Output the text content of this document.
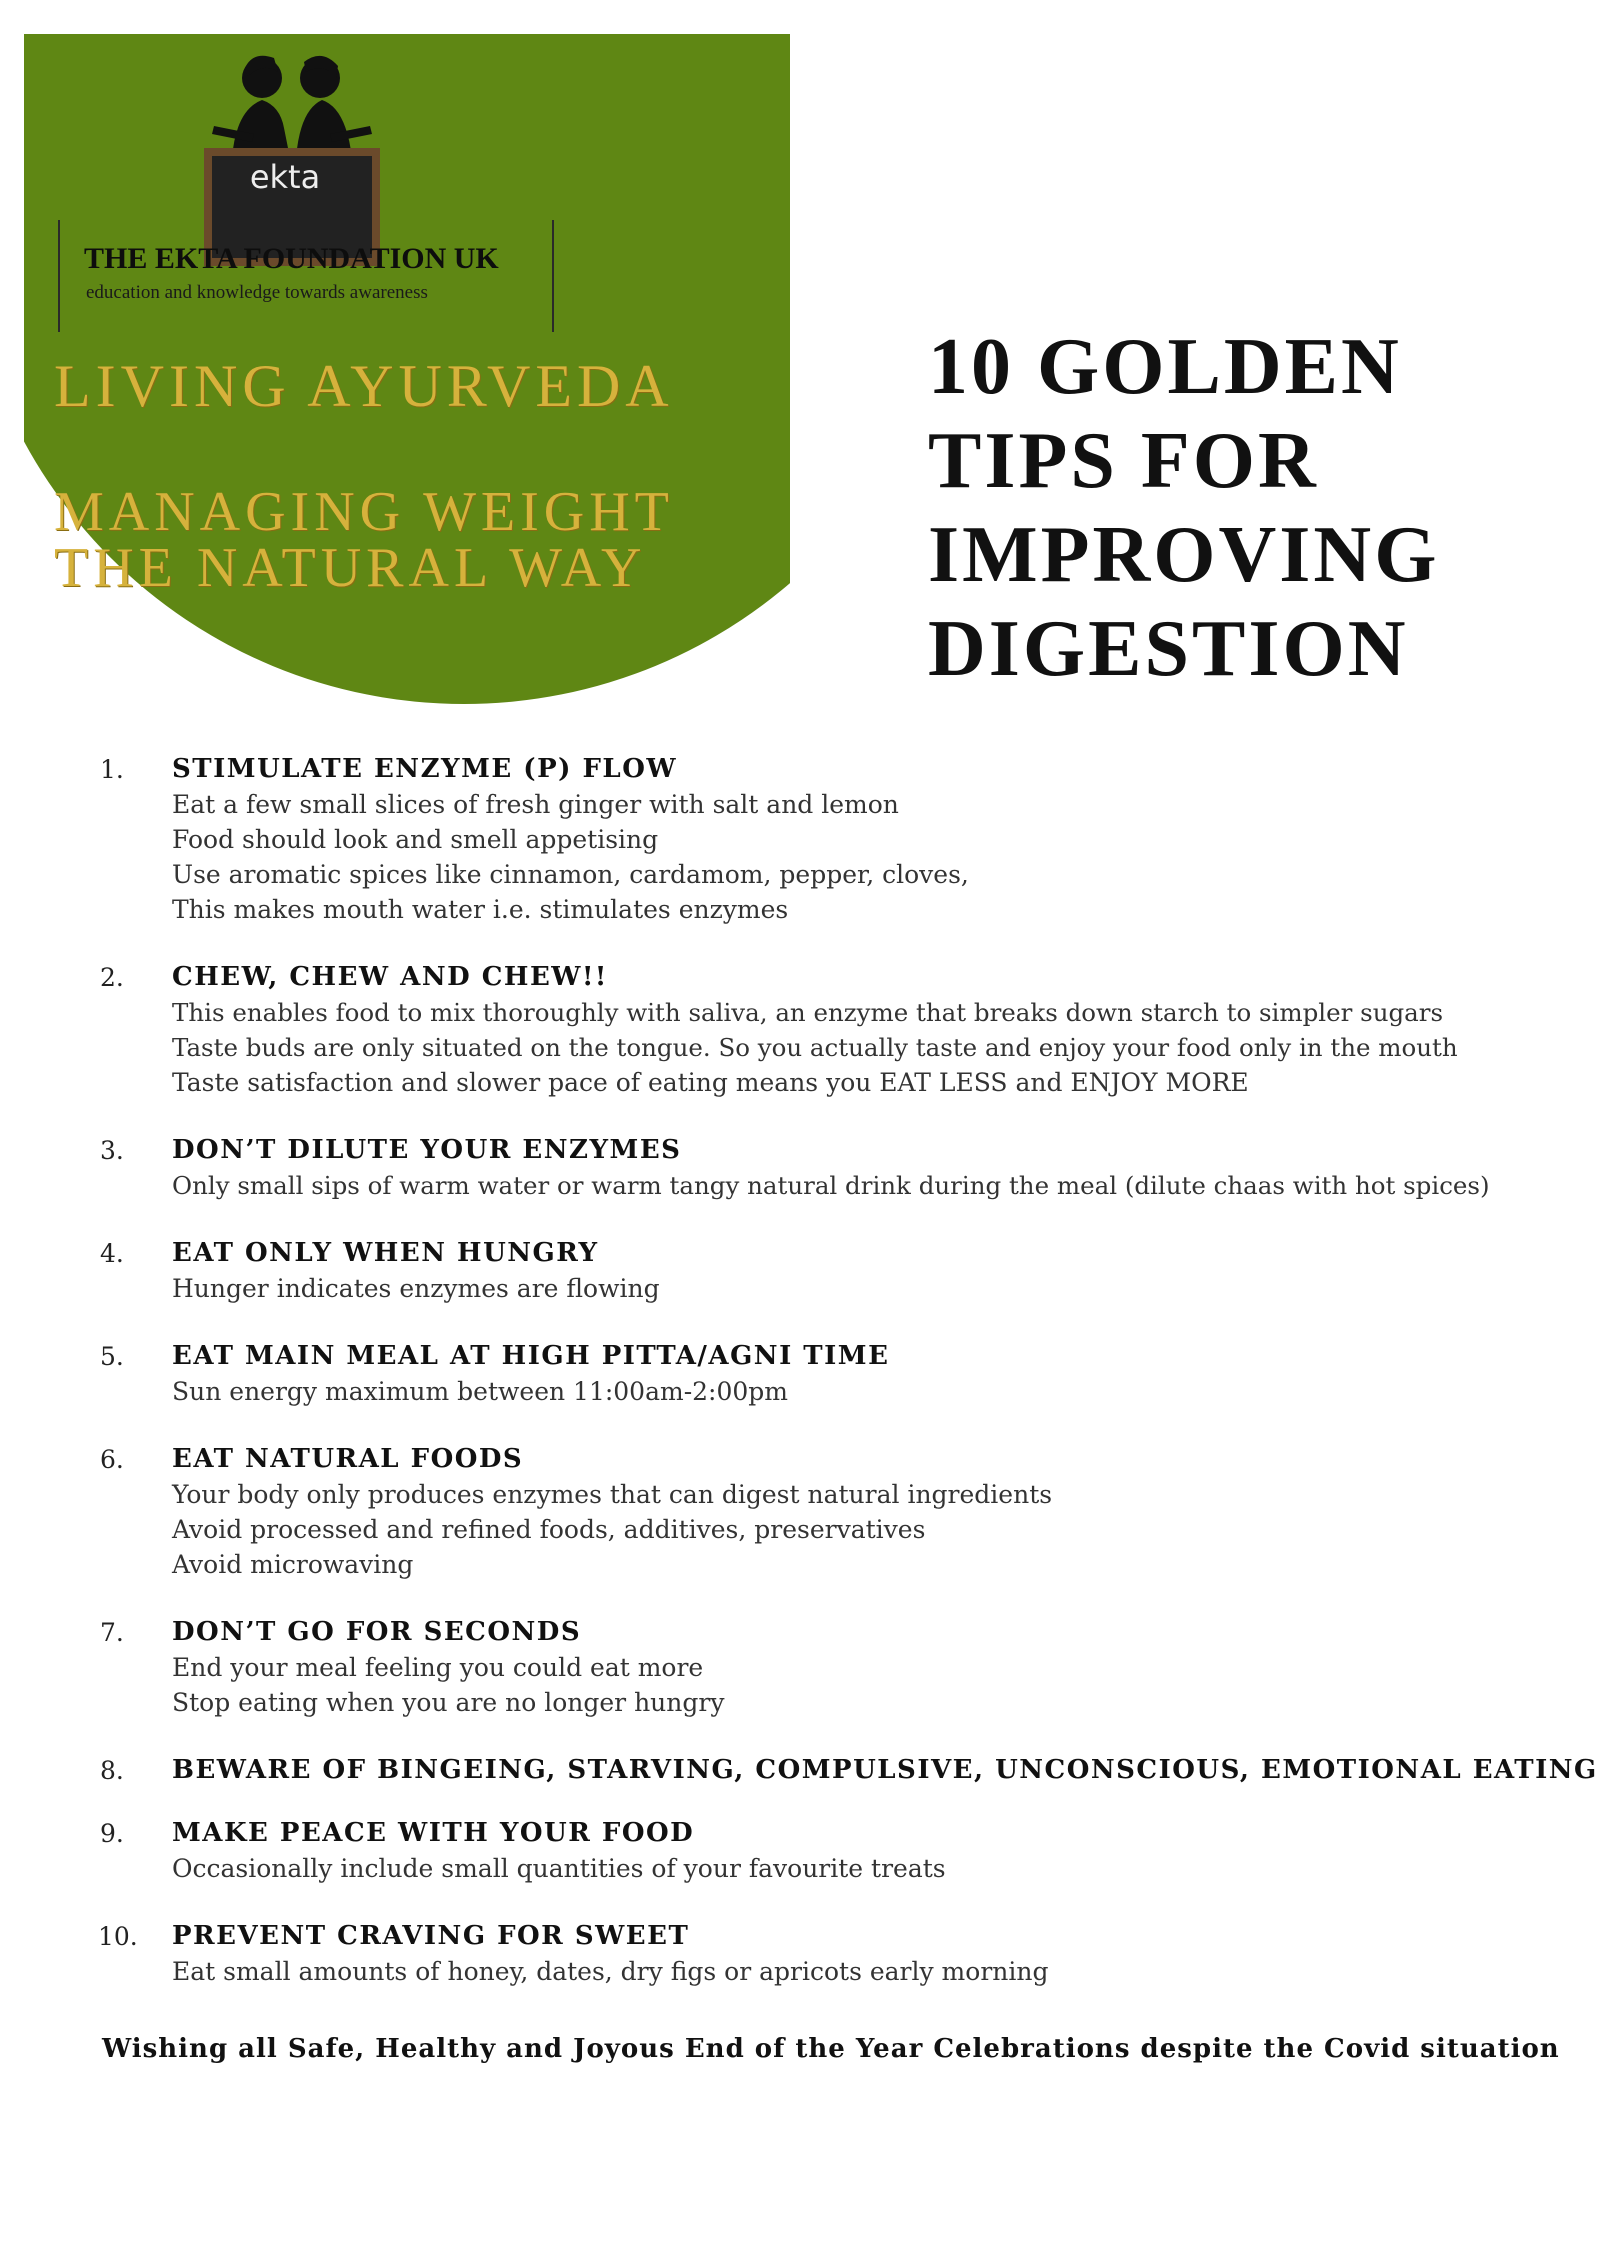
ekta
THE EKTA FOUNDATION UK
education and knowledge towards awareness
LIVING AYURVEDA
MANAGING WEIGHT
THE NATURAL WAY
10 GOLDEN
TIPS FOR
IMPROVING
DIGESTION
1. STIMULATE ENZYME (P) FLOW
Eat a few small slices of fresh ginger with salt and lemon
Food should look and smell appetising
Use aromatic spices like cinnamon, cardamom, pepper, cloves,
This makes mouth water i.e. stimulates enzymes
2. CHEW, CHEW AND CHEW!!
This enables food to mix thoroughly with saliva, an enzyme that breaks down starch to simpler sugars
Taste buds are only situated on the tongue. So you actually taste and enjoy your food only in the mouth
Taste satisfaction and slower pace of eating means you EAT LESS and ENJOY MORE
3. DON’T DILUTE YOUR ENZYMES
Only small sips of warm water or warm tangy natural drink during the meal (dilute chaas with hot spices)
4. EAT ONLY WHEN HUNGRY
Hunger indicates enzymes are flowing
5. EAT MAIN MEAL AT HIGH PITTA/AGNI TIME
Sun energy maximum between 11:00am-2:00pm
6. EAT NATURAL FOODS
Your body only produces enzymes that can digest natural ingredients
Avoid processed and refined foods, additives, preservatives
Avoid microwaving
7. DON’T GO FOR SECONDS
End your meal feeling you could eat more
Stop eating when you are no longer hungry
8. BEWARE OF BINGEING, STARVING, COMPULSIVE, UNCONSCIOUS, EMOTIONAL EATING
9. MAKE PEACE WITH YOUR FOOD
Occasionally include small quantities of your favourite treats
10. PREVENT CRAVING FOR SWEET
Eat small amounts of honey, dates, dry figs or apricots early morning
Wishing all Safe, Healthy and Joyous End of the Year Celebrations despite the Covid situation
